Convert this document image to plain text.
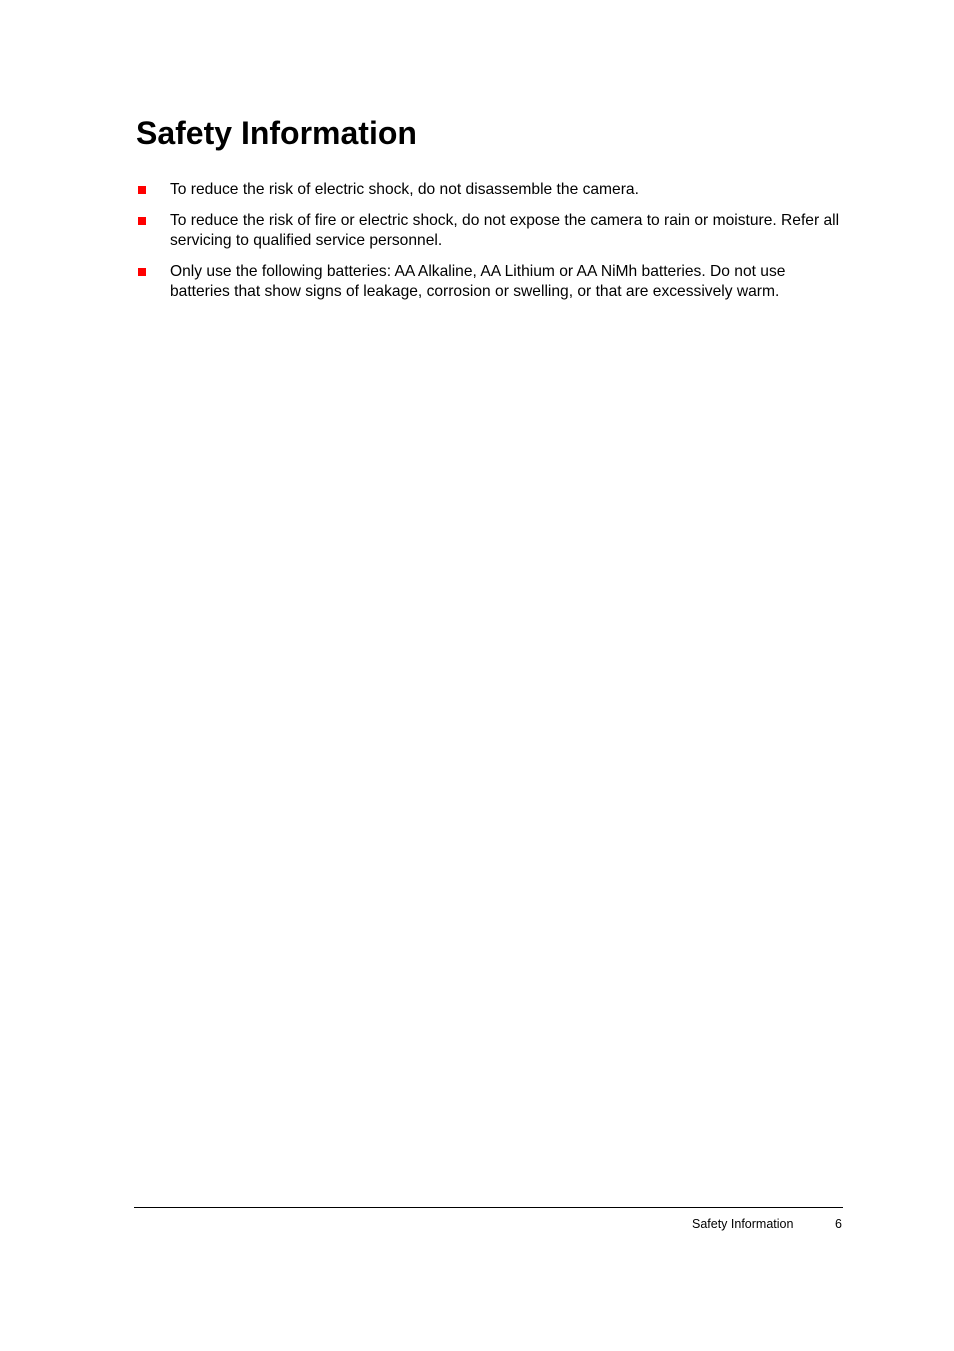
Safety Information
To reduce the risk of electric shock, do not disassemble the camera.
To reduce the risk of fire or electric shock, do not expose the camera to rain or moisture. Refer all servicing to qualified service personnel.
Only use the following batteries: AA Alkaline, AA Lithium or AA NiMh batteries. Do not use batteries that show signs of leakage, corrosion or swelling, or that are excessively warm.
Safety Information	6
